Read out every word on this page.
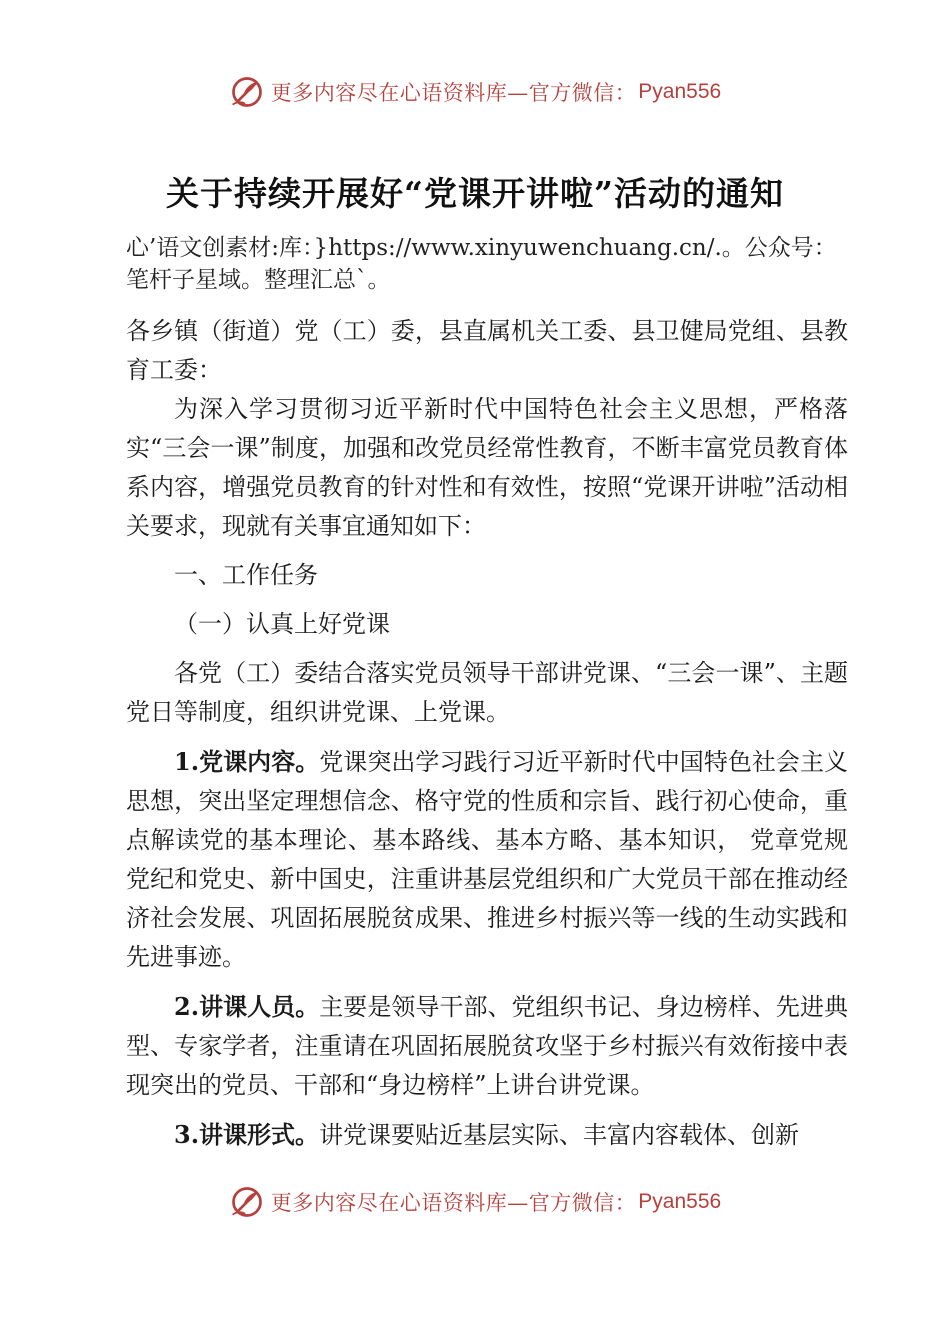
更多内容尽在心语资料库—官方微信： Pyan556
关于持续开展好“党课开讲啦”活动的通知
心’语文创素材:库：}https://www.xinyuwenchuang.cn/.。公众号：笔杆子星域。整理汇总`。

各乡镇（街道）党（工）委，县直属机关工委、县卫健局党组、县教育工委：

为深入学习贯彻习近平新时代中国特色社会主义思想，严格落实“三会一课”制度，加强和改党员经常性教育，不断丰富党员教育体系内容，增强党员教育的针对性和有效性，按照“党课开讲啦”活动相关要求，现就有关事宜通知如下：

一、工作任务

（一）认真上好党课

各党（工）委结合落实党员领导干部讲党课、“三会一课”、主题党日等制度，组织讲党课、上党课。

1.党课内容。党课突出学习践行习近平新时代中国特色社会主义思想，突出坚定理想信念、格守党的性质和宗旨、践行初心使命，重点解读党的基本理论、基本路线、基本方略、基本知识， 党章党规党纪和党史、新中国史，注重讲基层党组织和广大党员干部在推动经济社会发展、巩固拓展脱贫成果、推进乡村振兴等一线的生动实践和先进事迹。

2.讲课人员。主要是领导干部、党组织书记、身边榜样、先进典型、专家学者，注重请在巩固拓展脱贫攻坚于乡村振兴有效衔接中表现突出的党员、干部和“身边榜样”上讲台讲党课。

3.讲课形式。讲党课要贴近基层实际、丰富内容载体、创新

更多内容尽在心语资料库—官方微信： Pyan556
